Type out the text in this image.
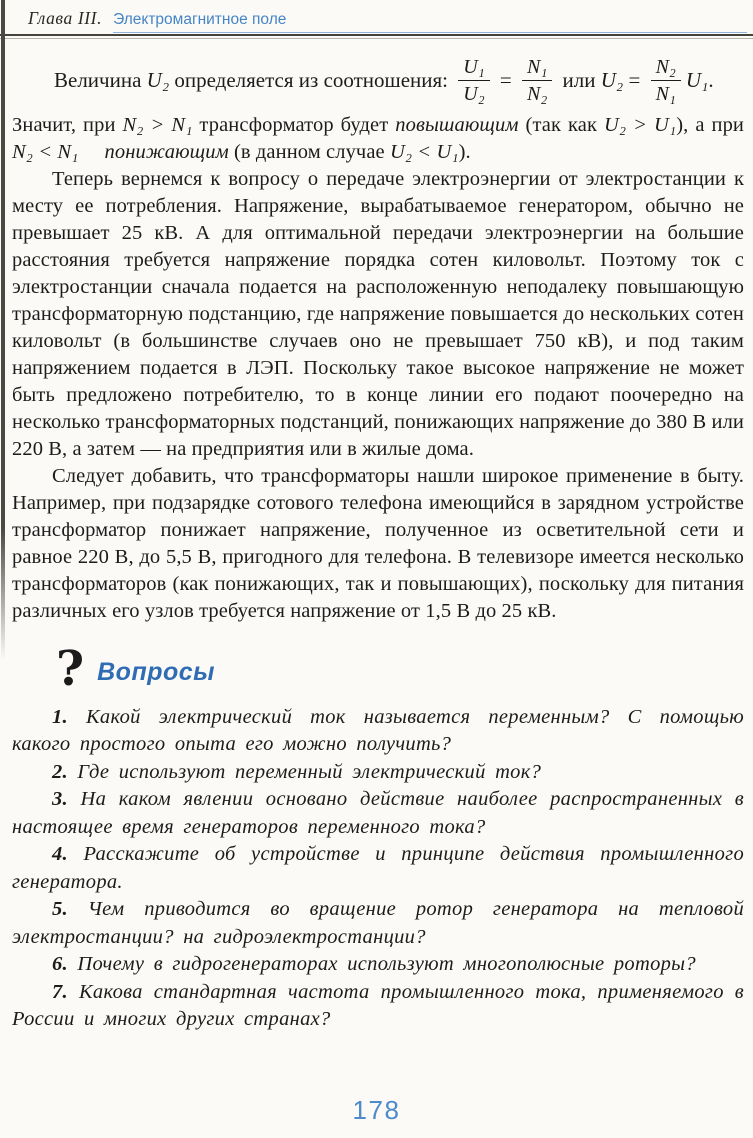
Глава III. Электромагнитное поле
Величина U₂ определяется из соотношения: $\frac{\text{U₁}}{\text{U₂}} = \frac{\text{N₁}}{\text{N₂}}$ или $U_2 = \frac{\text{N₂}}{\text{N₁}} U_1$ .

Значит, при N₂ > N₁ трансформатор будет повышающим (так как U₂ > U₁), а при N₂ < N₁ понижающим (в данном случае U₂ < U₁).

Теперь вернемся к вопросу о передаче электроэнергии от электростанции к месту ее потребления. Напряжение, вырабатываемое генератором, обычно не превышает 25 кВ. А для оптимальной передачи электроэнергии на большие расстояния требуется напряжение порядка сотен киловольт. Поэтому ток с электростанции сначала подается на расположенную неподалеку повышающую трансформаторную подстанцию, где напряжение повышается до нескольких сотен киловольт (в большинстве случаев оно не превышает 750 кВ), и под таким напряжением подается в ЛЭП. Поскольку такое высокое напряжение не может быть предложено потребителю, то в конце линии его подают поочередно на несколько трансформаторных подстанций, понижающих напряжение до 380 В или 220 В, а затем — на предприятия или в жилые дома.

Следует добавить, что трансформаторы нашли широкое применение в быту. Например, при подзарядке сотового телефона имеющийся в зарядном устройстве трансформатор понижает напряжение, полученное из осветительной сети и равное 220 В, до 5,5 В, пригодного для телефона. В телевизоре имеется несколько трансформаторов (как понижающих, так и повышающих), поскольку для питания различных его узлов требуется напряжение от 1,5 В до 25 кВ.

? Вопросы

1. Какой электрический ток называется переменным? С помощью какого простого опыта его можно получить?

2. Где используют переменный электрический ток?

3. На каком явлении основано действие наиболее распространенных в настоящее время генераторов переменного тока?

4. Расскажите об устройстве и принципе действия промышленного генератора.

5. Чем приводится во вращение ротор генератора на тепловой электростанции? на гидроэлектростанции?

6. Почему в гидрогенераторах используют многополюсные роторы?

7. Какова стандартная частота промышленного тока, применяемого в России и многих других странах?

178
